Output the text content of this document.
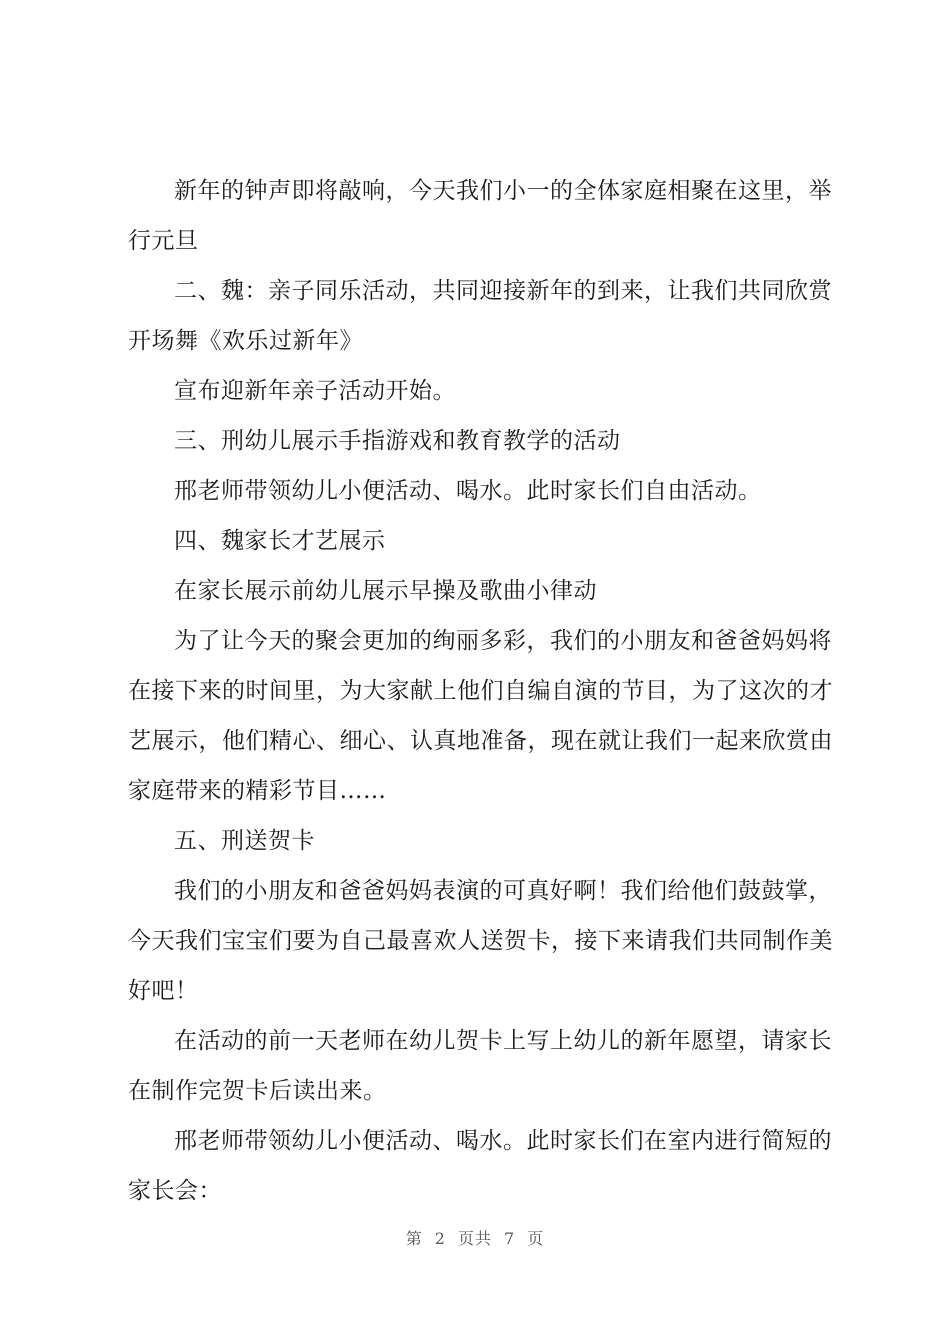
新年的钟声即将敲响，今天我们小一的全体家庭相聚在这里，举行元旦

二、魏：亲子同乐活动，共同迎接新年的到来，让我们共同欣赏开场舞《欢乐过新年》

宣布迎新年亲子活动开始。

三、刑幼儿展示手指游戏和教育教学的活动

邢老师带领幼儿小便活动、喝水。此时家长们自由活动。

四、魏家长才艺展示

在家长展示前幼儿展示早操及歌曲小律动

为了让今天的聚会更加的绚丽多彩，我们的小朋友和爸爸妈妈将在接下来的时间里，为大家献上他们自编自演的节目，为了这次的才艺展示，他们精心、细心、认真地准备，现在就让我们一起来欣赏由家庭带来的精彩节目……

五、刑送贺卡

我们的小朋友和爸爸妈妈表演的可真好啊！我们给他们鼓鼓掌，今天我们宝宝们要为自己最喜欢人送贺卡，接下来请我们共同制作美好吧！

在活动的前一天老师在幼儿贺卡上写上幼儿的新年愿望，请家长在制作完贺卡后读出来。

邢老师带领幼儿小便活动、喝水。此时家长们在室内进行简短的家长会：

第 2 页共 7 页
